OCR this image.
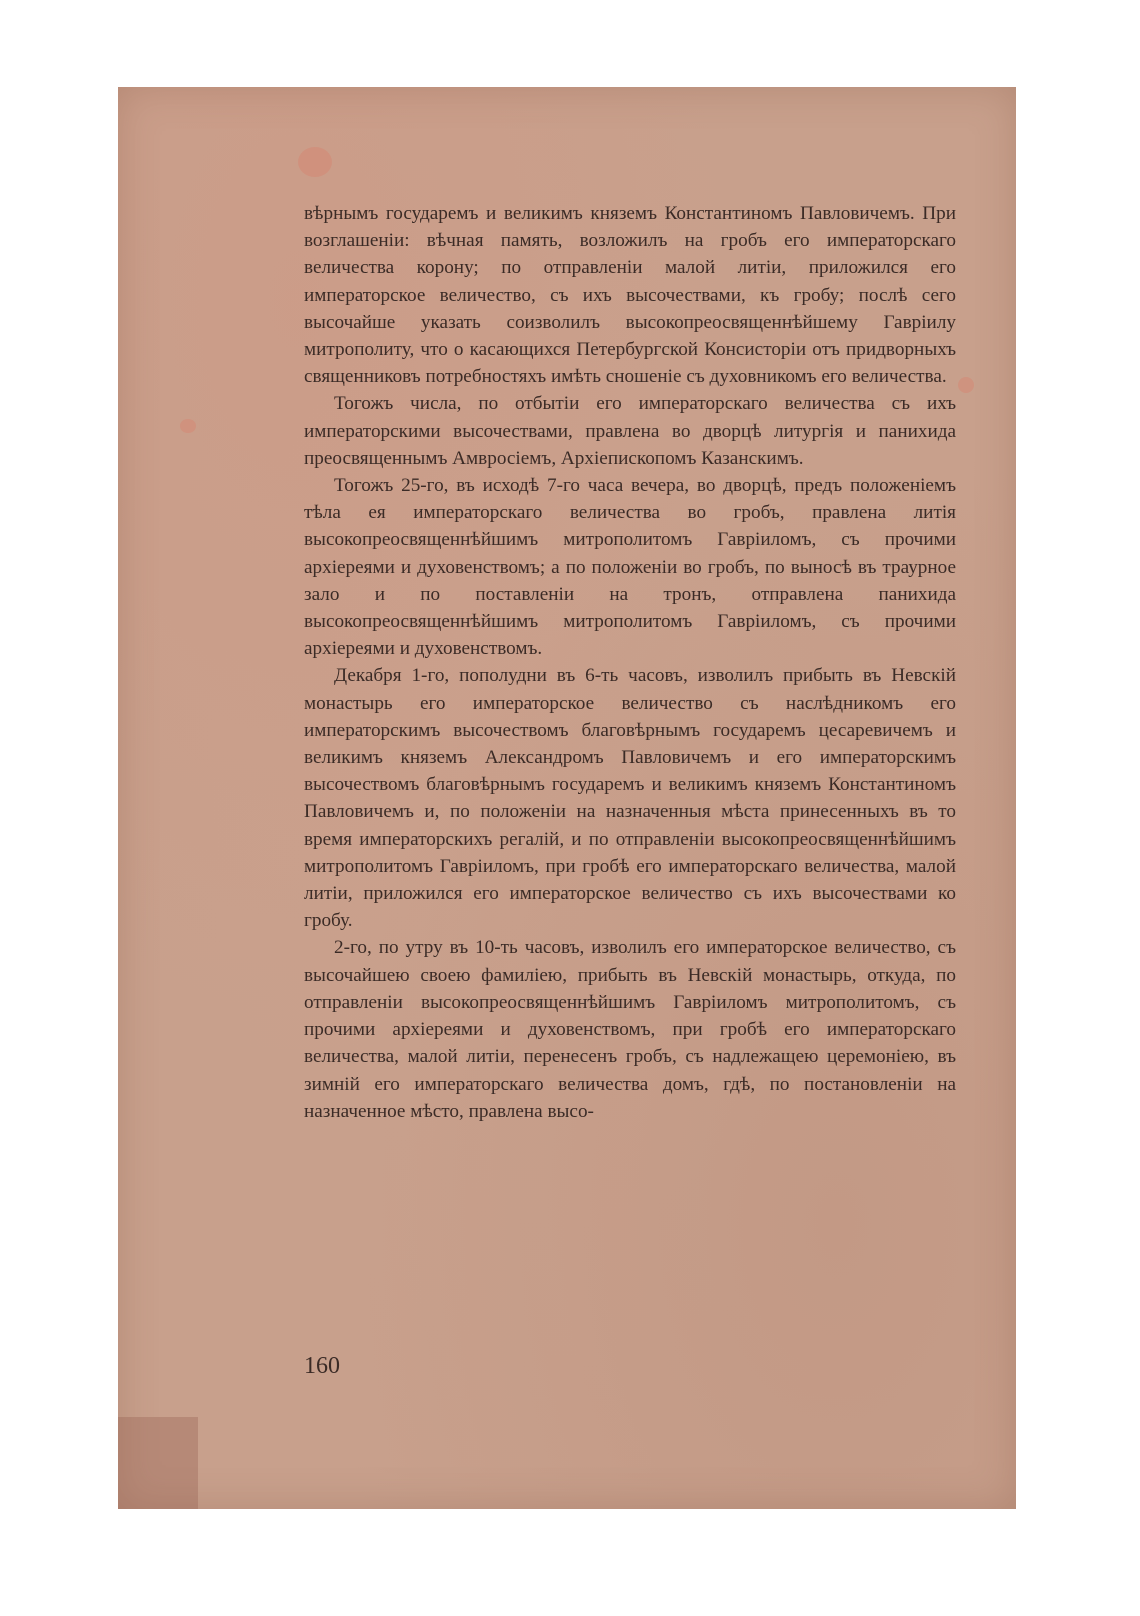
вѣрнымъ государемъ и великимъ княземъ Константиномъ Павловичемъ. При возглашеніи: вѣчная память, возложилъ на гробъ его императорскаго величества корону; по отправленіи малой литіи, приложился его императорское величество, съ ихъ высочествами, къ гробу; послѣ сего высочайше указать соизволилъ высокопреосвященнѣйшему Гавріилу митрополиту, что о касающихся Петербургской Консисторіи отъ придворныхъ священниковъ потребностяхъ имѣть сношеніе съ духовникомъ его величества.

Тогожъ числа, по отбытіи его императорскаго величества съ ихъ императорскими высочествами, правлена во дворцѣ литургія и панихида преосвященнымъ Амвросіемъ, Архіепископомъ Казанскимъ.

Тогожъ 25-го, въ исходѣ 7-го часа вечера, во дворцѣ, предъ положеніемъ тѣла ея императорскаго величества во гробъ, правлена литія высокопреосвященнѣйшимъ митрополитомъ Гавріиломъ, съ прочими архіереями и духовенствомъ; а по положеніи во гробъ, по выносѣ въ траурное зало и по поставленіи на тронъ, отправлена панихида высокопреосвященнѣйшимъ митрополитомъ Гавріиломъ, съ прочими архіереями и духовенствомъ.

Декабря 1-го, пополудни въ 6-ть часовъ, изволилъ прибыть въ Невскій монастырь его императорское величество съ наслѣдникомъ его императорскимъ высочествомъ благовѣрнымъ государемъ цесаревичемъ и великимъ княземъ Александромъ Павловичемъ и его императорскимъ высочествомъ благовѣрнымъ государемъ и великимъ княземъ Константиномъ Павловичемъ и, по положеніи на назначенныя мѣста принесенныхъ въ то время императорскихъ регалій, и по отправленіи высокопреосвященнѣйшимъ митрополитомъ Гавріиломъ, при гробѣ его императорскаго величества, малой литіи, приложился его императорское величество съ ихъ высочествами ко гробу.

2-го, по утру въ 10-ть часовъ, изволилъ его императорское величество, съ высочайшею своею фамиліею, прибыть въ Невскій монастырь, откуда, по отправленіи высокопреосвященнѣйшимъ Гавріиломъ митрополитомъ, съ прочими архіереями и духовенствомъ, при гробѣ его императорскаго величества, малой литіи, перенесенъ гробъ, съ надлежащею церемоніею, въ зимній его императорскаго величества домъ, гдѣ, по постановленіи на назначенное мѣсто, правлена высо-

160
